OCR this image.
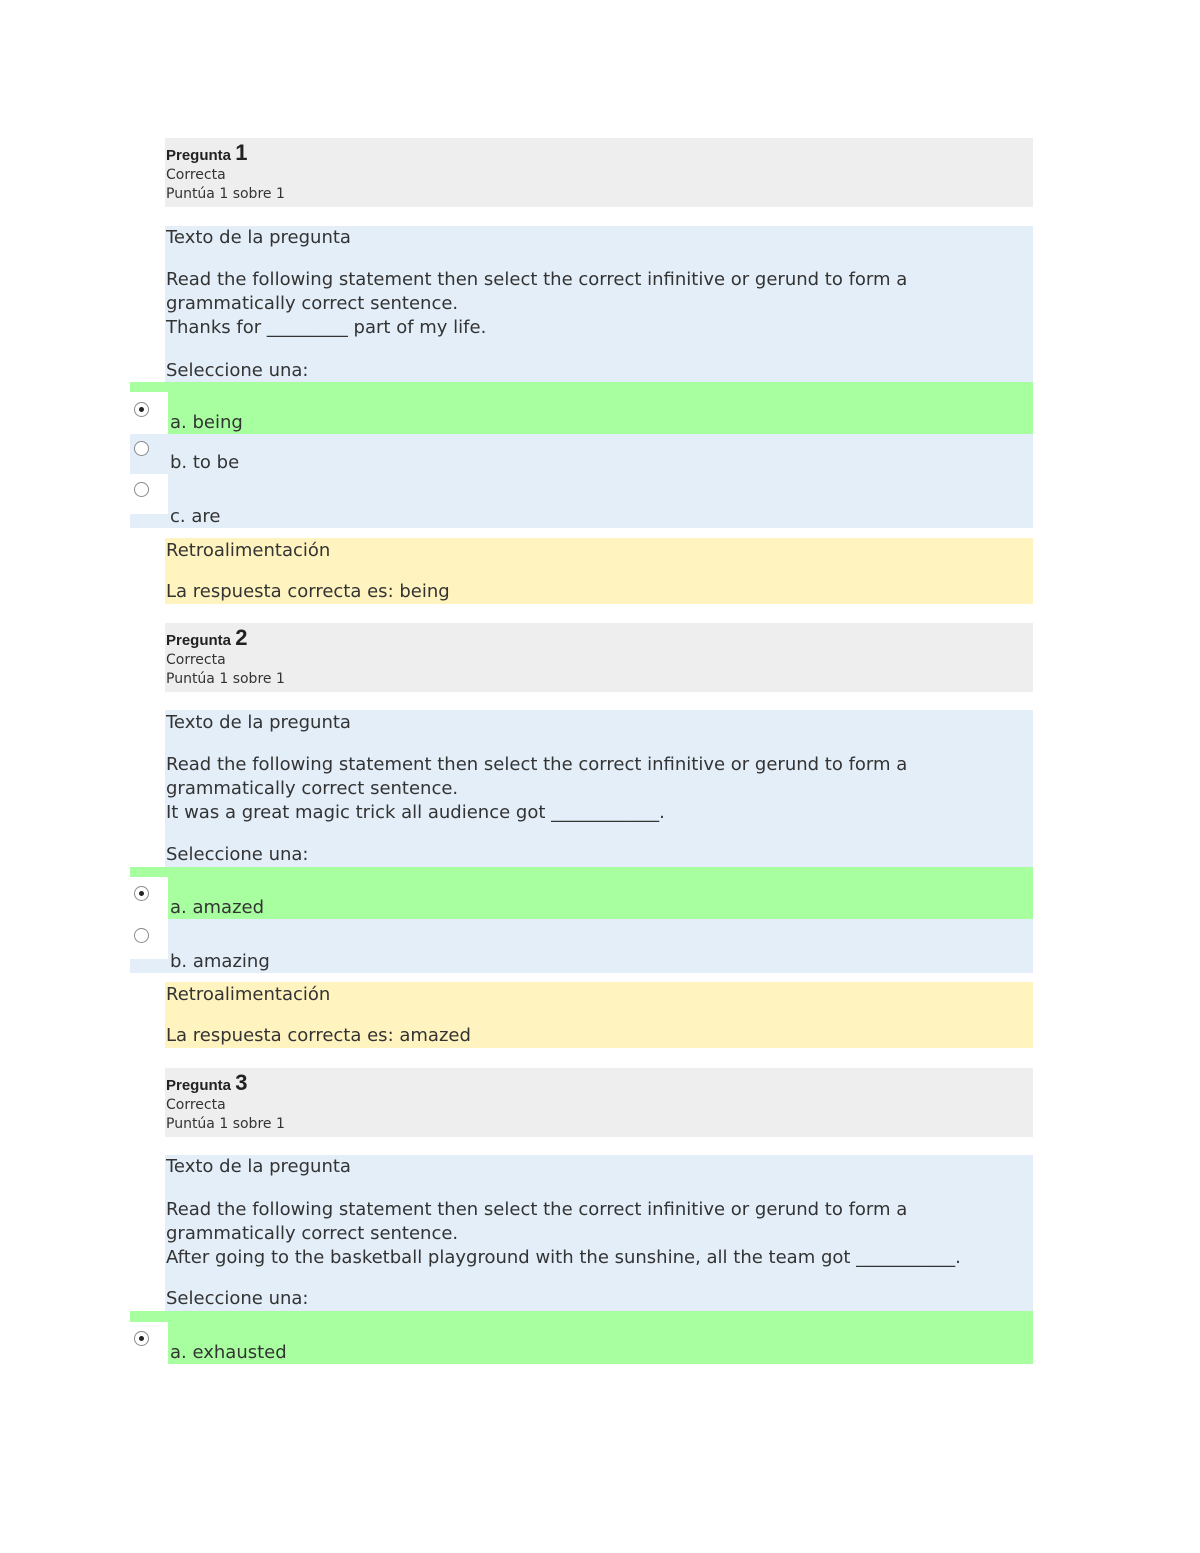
Pregunta 1
Correcta
Puntúa 1 sobre 1
Texto de la pregunta
Read the following statement then select the correct infinitive or gerund to form a grammatically correct sentence.
Thanks for _________ part of my life.
Seleccione una:
a. being
b. to be
c. are
Retroalimentación
La respuesta correcta es: being
Pregunta 2
Correcta
Puntúa 1 sobre 1
Texto de la pregunta
Read the following statement then select the correct infinitive or gerund to form a grammatically correct sentence.
It was a great magic trick all audience got ____________.
Seleccione una:
a. amazed
b. amazing
Retroalimentación
La respuesta correcta es: amazed
Pregunta 3
Correcta
Puntúa 1 sobre 1
Texto de la pregunta
Read the following statement then select the correct infinitive or gerund to form a grammatically correct sentence.
After going to the basketball playground with the sunshine, all the team got ___________.
Seleccione una:
a. exhausted
